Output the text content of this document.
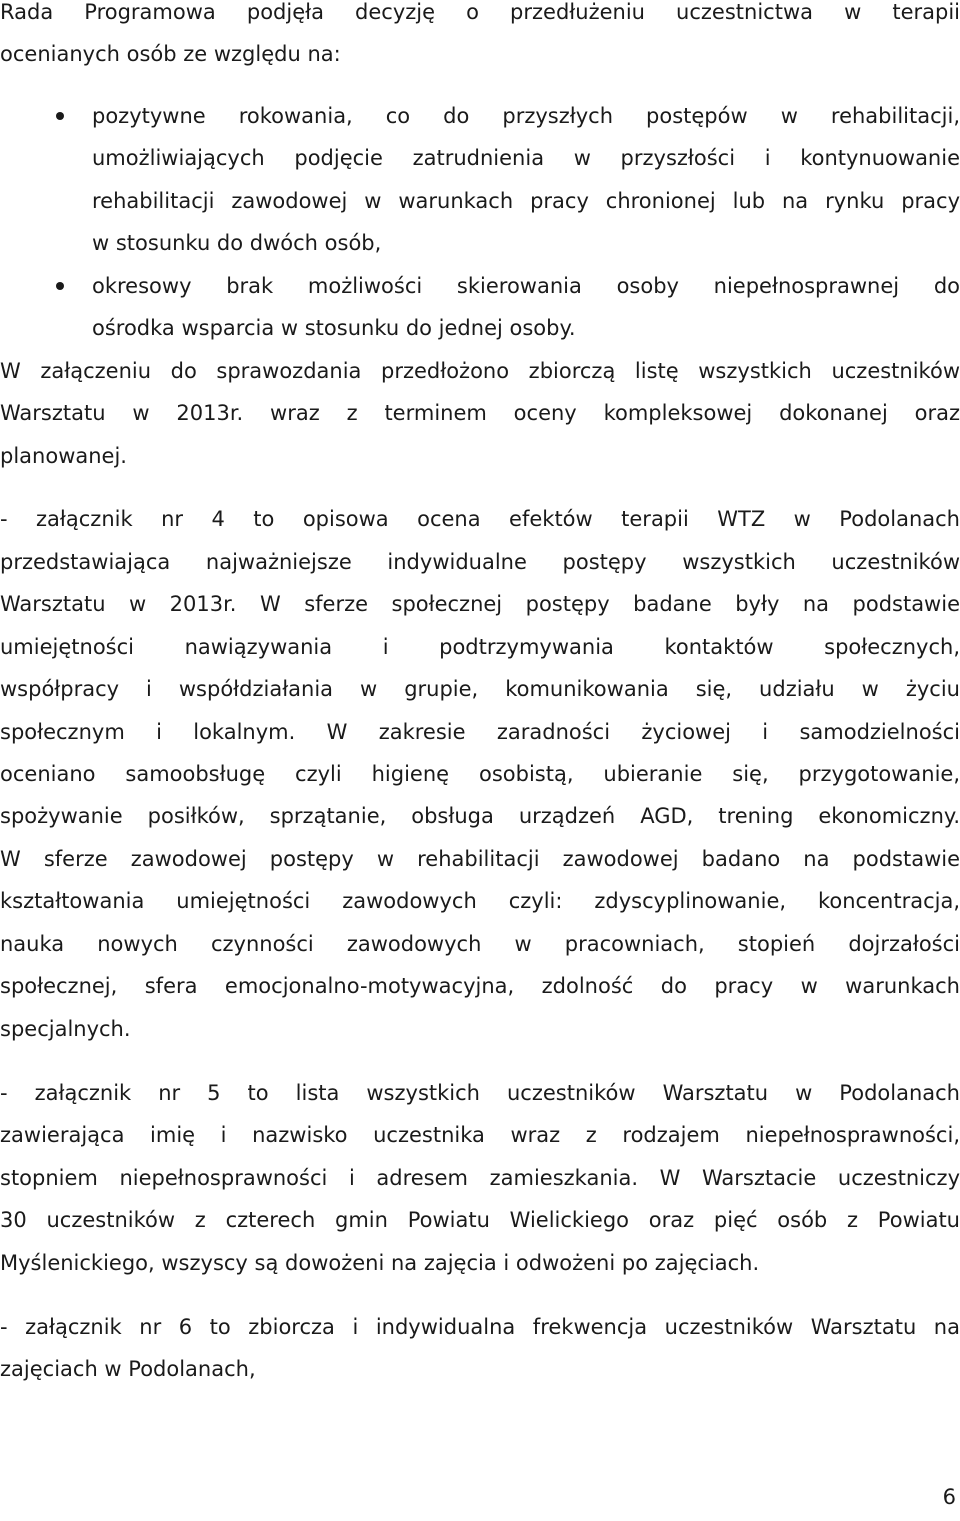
Rada Programowa podjęła decyzję o przedłużeniu uczestnictwa w terapii
ocenianych osób ze względu na:
pozytywne rokowania, co do przyszłych postępów w rehabilitacji,
umożliwiających podjęcie zatrudnienia w przyszłości i kontynuowanie
rehabilitacji zawodowej w warunkach pracy chronionej lub na rynku pracy
w stosunku do dwóch osób,
okresowy brak możliwości skierowania osoby niepełnosprawnej do
ośrodka wsparcia w stosunku do jednej osoby.
W załączeniu do sprawozdania przedłożono zbiorczą listę wszystkich uczestników
Warsztatu w 2013r. wraz z terminem oceny kompleksowej dokonanej oraz
planowanej.
- załącznik nr 4 to opisowa ocena efektów terapii WTZ w Podolanach
przedstawiająca najważniejsze indywidualne postępy wszystkich uczestników
Warsztatu w 2013r. W sferze społecznej postępy badane były na podstawie
umiejętności nawiązywania i podtrzymywania kontaktów społecznych,
współpracy i współdziałania w grupie, komunikowania się, udziału w życiu
społecznym i lokalnym. W zakresie zaradności życiowej i samodzielności
oceniano samoobsługę czyli higienę osobistą, ubieranie się, przygotowanie,
spożywanie posiłków, sprzątanie, obsługa urządzeń AGD, trening ekonomiczny.
W sferze zawodowej postępy w rehabilitacji zawodowej badano na podstawie
kształtowania umiejętności zawodowych czyli: zdyscyplinowanie, koncentracja,
nauka nowych czynności zawodowych w pracowniach, stopień dojrzałości
społecznej, sfera emocjonalno-motywacyjna, zdolność do pracy w warunkach
specjalnych.
- załącznik nr 5 to lista wszystkich uczestników Warsztatu w Podolanach
zawierająca imię i nazwisko uczestnika wraz z rodzajem niepełnosprawności,
stopniem niepełnosprawności i adresem zamieszkania. W Warsztacie uczestniczy
30 uczestników z czterech gmin Powiatu Wielickiego oraz pięć osób z Powiatu
Myślenickiego, wszyscy są dowożeni na zajęcia i odwożeni po zajęciach.
- załącznik nr 6 to zbiorcza i indywidualna frekwencja uczestników Warsztatu na
zajęciach w Podolanach,
6
